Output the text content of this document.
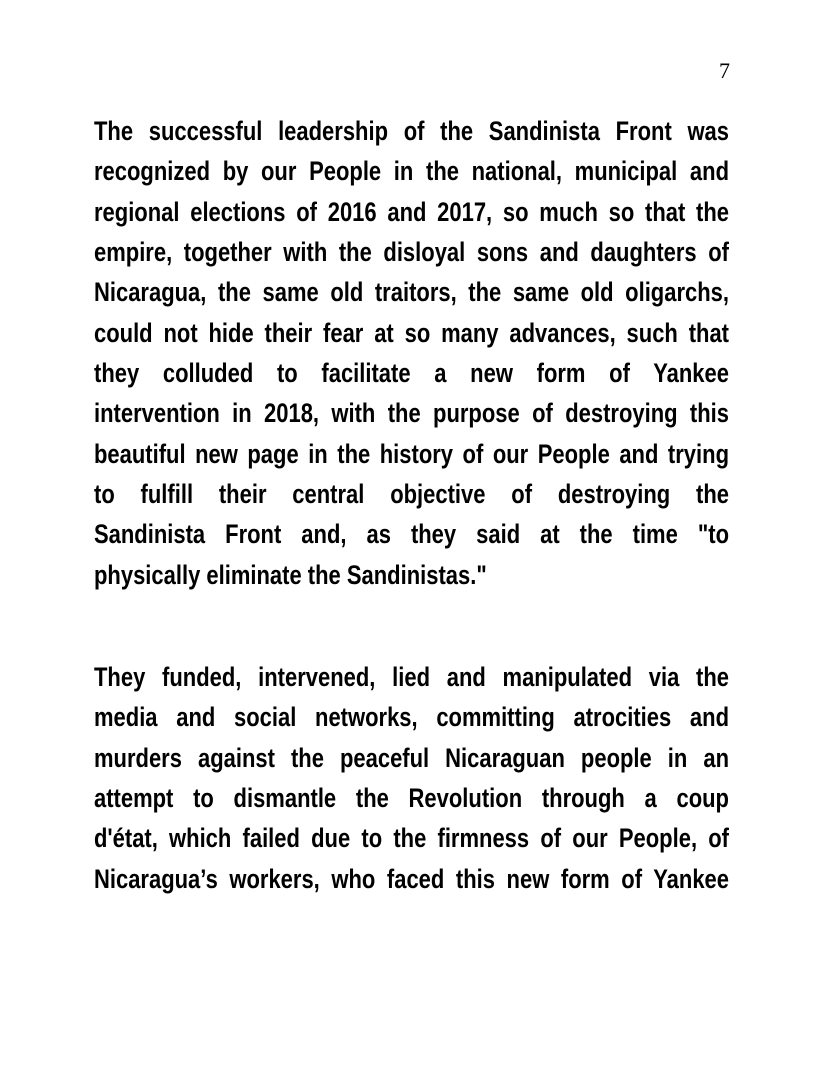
7
The successful leadership of the Sandinista Front was
recognized by our People in the national, municipal and
regional elections of 2016 and 2017, so much so that the
empire, together with the disloyal sons and daughters of
Nicaragua, the same old traitors, the same old oligarchs,
could not hide their fear at so many advances, such that
they colluded to facilitate a new form of Yankee
intervention in 2018, with the purpose of destroying this
beautiful new page in the history of our People and trying
to fulfill their central objective of destroying the
Sandinista Front and, as they said at the time "to
physically eliminate the Sandinistas."
They funded, intervened, lied and manipulated via the
media and social networks, committing atrocities and
murders against the peaceful Nicaraguan people in an
attempt to dismantle the Revolution through a coup
d'état, which failed due to the firmness of our People, of
Nicaragua’s workers, who faced this new form of Yankee
